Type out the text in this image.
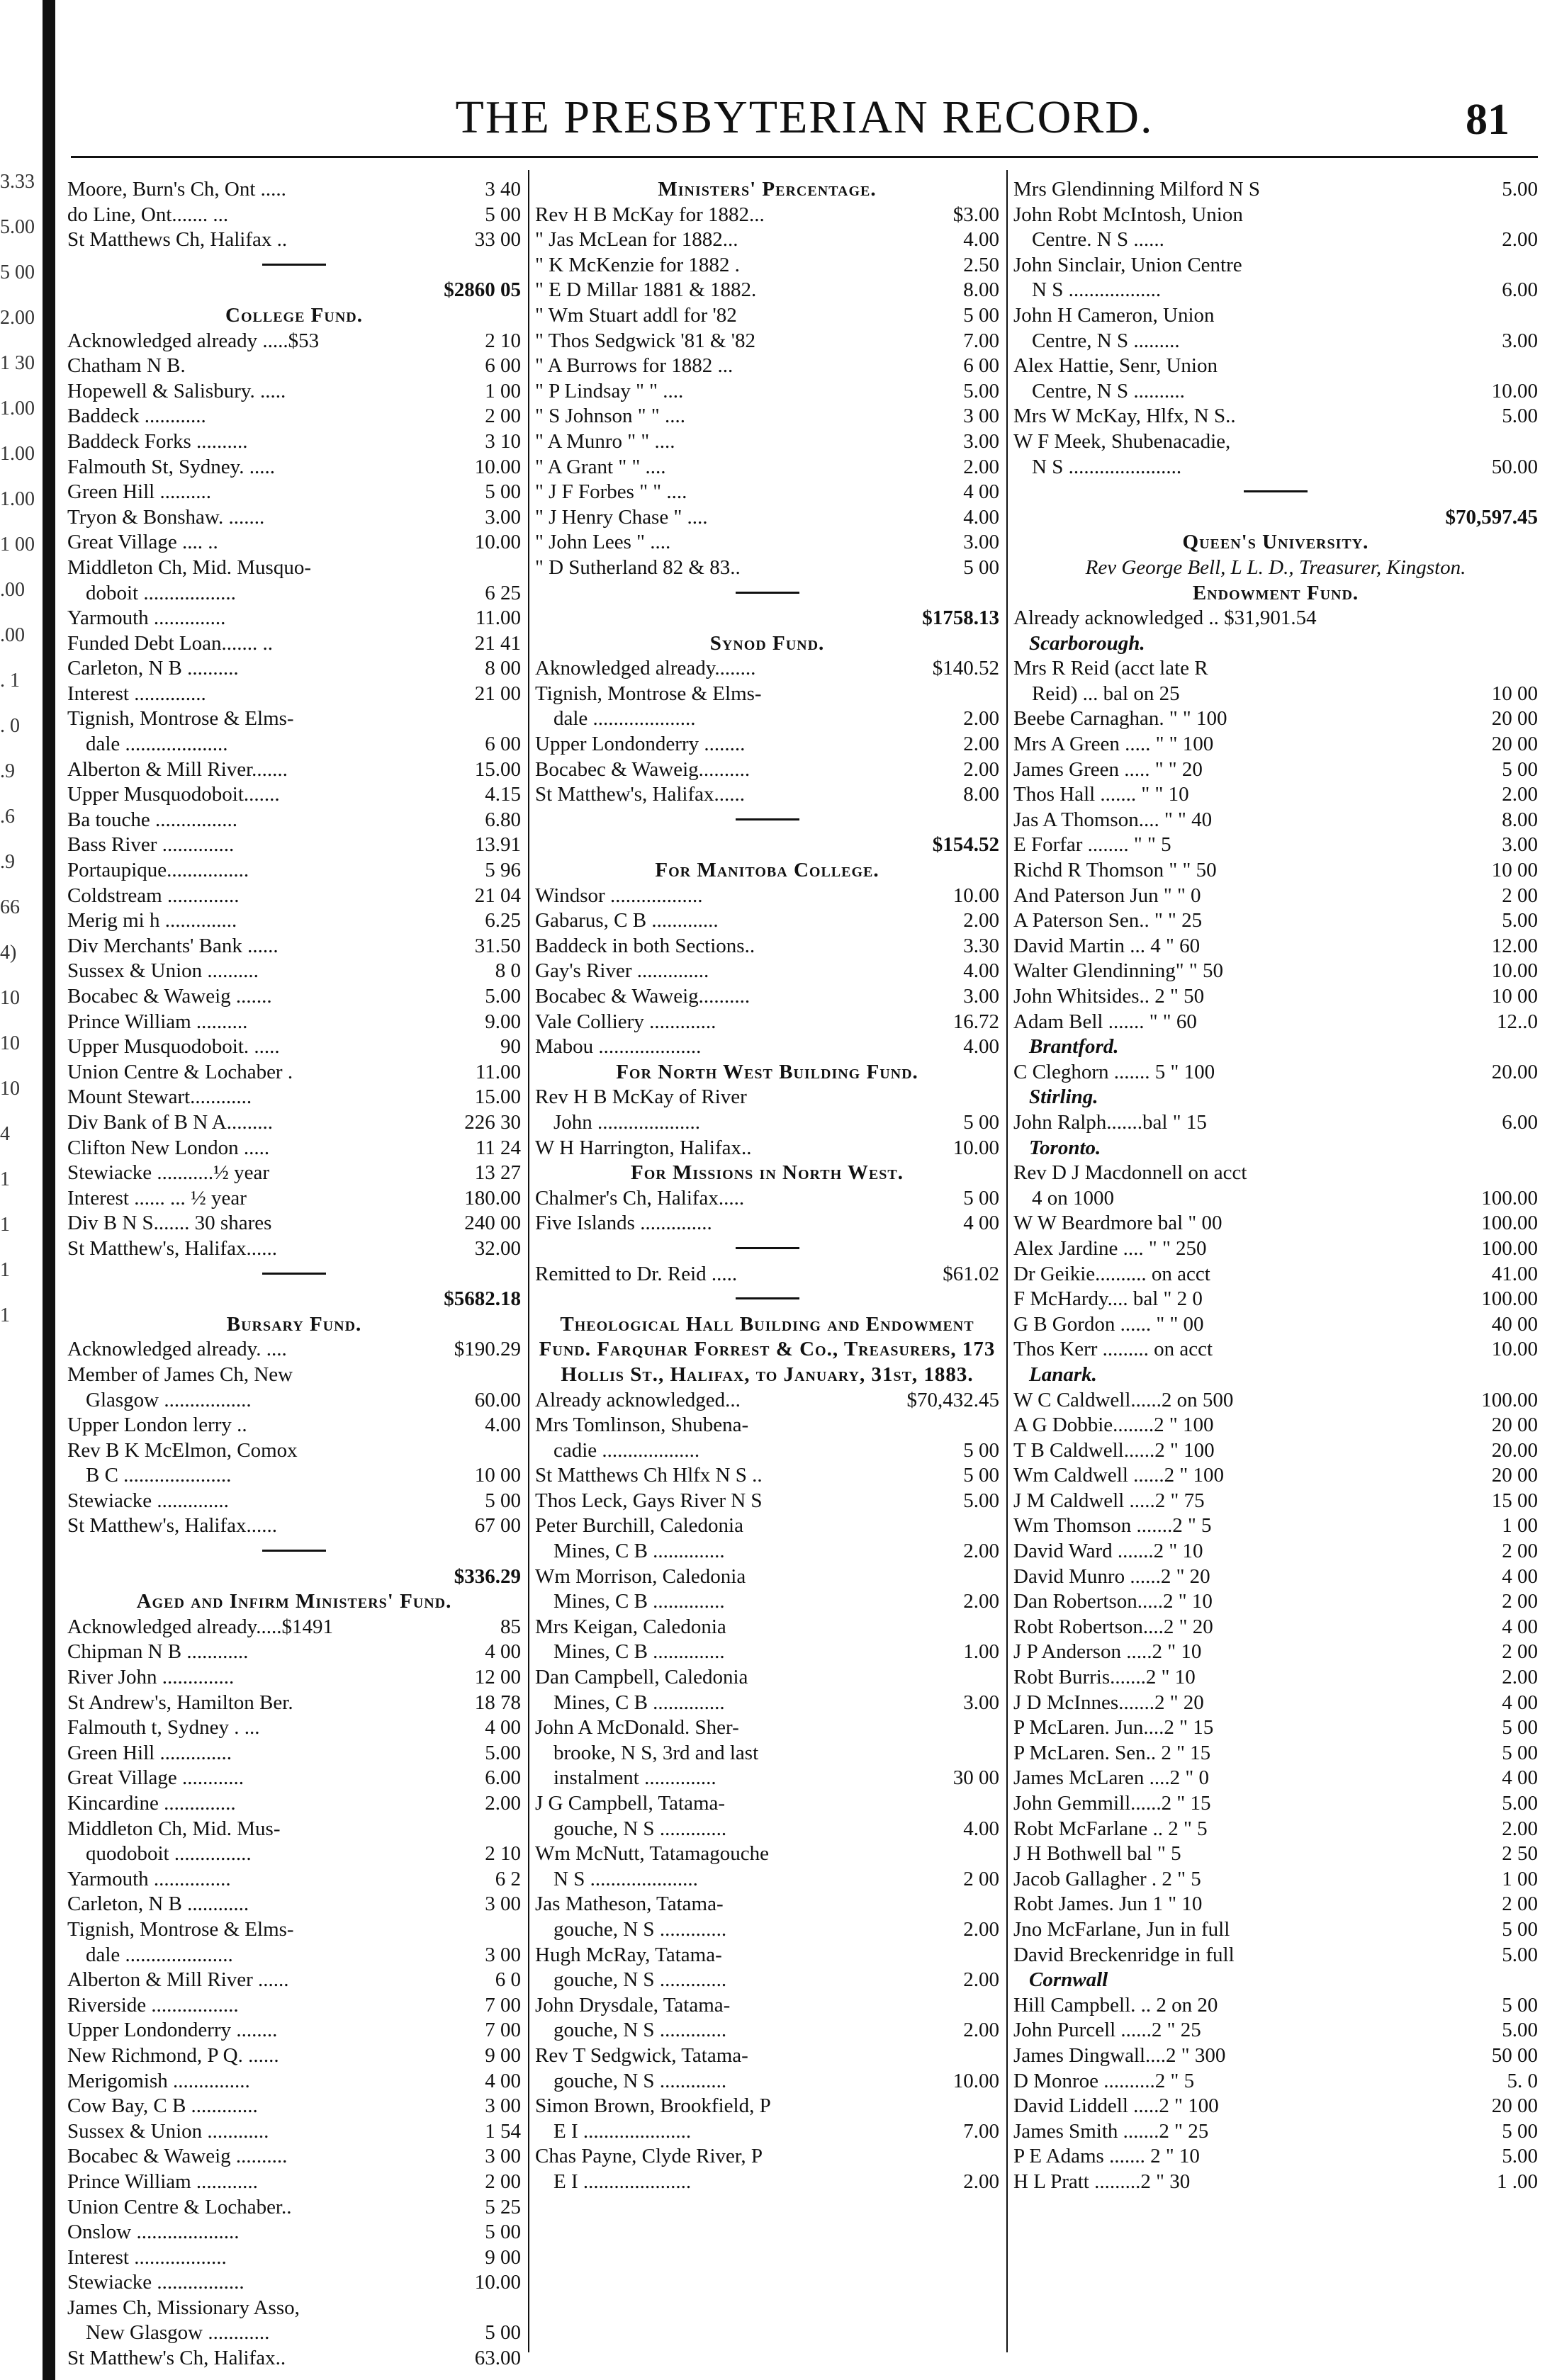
3.33
5.00
5 00
2.00
1 30
1.00
1.00
1.00
1 00
.00
.00
. 1
. 0
.9
.6
.9
66
4)
10
10
10
4
1
1
1
1
THE PRESBYTERIAN RECORD.	81
Moore, Burn's Ch, Ont .....	3 40
do Line, Ont....... ...	5 00
St Matthews Ch, Halifax ..	33 00
$2860 05
College Fund.
Acknowledged already .....$53	2 10
Chatham N B.	6 00
Hopewell & Salisbury. .....	1 00
Baddeck ............	2 00
Baddeck Forks ..........	3 10
Falmouth St, Sydney. .....	10.00
Green Hill ..........	5 00
Tryon & Bonshaw. .......	3.00
Great Village .... ..	10.00
Middleton Ch, Mid. Musquo-
doboit ..................	6 25
Yarmouth ..............	11.00
Funded Debt Loan....... ..	21 41
Carleton, N B ..........	8 00
Interest ..............	21 00
Tignish, Montrose & Elms-
dale ....................	6 00
Alberton & Mill River.......	15.00
Upper Musquodoboit.......	4.15
Ba touche ................	6.80
Bass River ..............	13.91
Portaupique................	5 96
Coldstream ..............	21 04
Merig mi h ..............	6.25
Div Merchants' Bank ......	31.50
Sussex & Union ..........	8 0
Bocabec & Waweig .......	5.00
Prince William ..........	9.00
Upper Musquodoboit. .....	90
Union Centre & Lochaber .	11.00
Mount Stewart............	15.00
Div Bank of B N A.........	226 30
Clifton New London .....	11 24
Stewiacke ...........½ year	13 27
Interest ...... ... ½ year	180.00
Div B N S....... 30 shares	240 00
St Matthew's, Halifax......	32.00
$5682.18
Bursary Fund.
Acknowledged already. ....	$190.29
Member of James Ch, New
Glasgow .................	60.00
Upper London lerry ..	4.00
Rev B K McElmon, Comox
B C .....................	10 00
Stewiacke ..............	5 00
St Matthew's, Halifax......	67 00
$336.29
Aged and Infirm Ministers' Fund.
Acknowledged already.....$1491	85
Chipman N B ............	4 00
River John ..............	12 00
St Andrew's, Hamilton Ber.	18 78
Falmouth t, Sydney . ...	4 00
Green Hill ..............	5.00
Great Village ............	6.00
Kincardine ..............	2.00
Middleton Ch, Mid. Mus-
quodoboit ...............	2 10
Yarmouth ...............	6 2
Carleton, N B ............	3 00
Tignish, Montrose & Elms-
dale .....................	3 00
Alberton & Mill River ......	6 0
Riverside .................	7 00
Upper Londonderry ........	7 00
New Richmond, P Q. ......	9 00
Merigomish ...............	4 00
Cow Bay, C B .............	3 00
Sussex & Union ............	1 54
Bocabec & Waweig ..........	3 00
Prince William ............	2 00
Union Centre & Lochaber..	5 25
Onslow ....................	5 00
Interest ..................	9 00
Stewiacke .................	10.00
James Ch, Missionary Asso,
New Glasgow ............	5 00
St Matthew's Ch, Halifax..	63.00
Ministers' Percentage.
Rev H B McKay for 1882...	$3.00
" Jas McLean for 1882...	4.00
" K McKenzie for 1882 .	2.50
" E D Millar 1881 & 1882.	8.00
" Wm Stuart addl for '82	5 00
" Thos Sedgwick '81 & '82	7.00
" A Burrows for 1882 ...	6 00
" P Lindsay " " ....	5.00
" S Johnson " " ....	3 00
" A Munro " " ....	3.00
" A Grant " " ....	2.00
" J F Forbes " " ....	4 00
" J Henry Chase " ....	4.00
" John Lees " ....	3.00
" D Sutherland 82 & 83..	5 00
$1758.13
Synod Fund.
Aknowledged already........	$140.52
Tignish, Montrose & Elms-
dale ....................	2.00
Upper Londonderry ........	2.00
Bocabec & Waweig..........	2.00
St Matthew's, Halifax......	8.00
$154.52
For Manitoba College.
Windsor ..................	10.00
Gabarus, C B .............	2.00
Baddeck in both Sections..	3.30
Gay's River ..............	4.00
Bocabec & Waweig..........	3.00
Vale Colliery .............	16.72
Mabou ....................	4.00
For North West Building Fund.
Rev H B McKay of River
John ....................	5 00
W H Harrington, Halifax..	10.00
For Missions in North West.
Chalmer's Ch, Halifax.....	5 00
Five Islands ..............	4 00
Remitted to Dr. Reid .....	$61.02
Theological Hall Building and Endowment Fund. Farquhar Forrest & Co., Treasurers, 173 Hollis St., Halifax, to January, 31st, 1883.
Already acknowledged...	$70,432.45
Mrs Tomlinson, Shubena-
cadie ...................	5 00
St Matthews Ch Hlfx N S ..	5 00
Thos Leck, Gays River N S	5.00
Peter Burchill, Caledonia
Mines, C B ..............	2.00
Wm Morrison, Caledonia
Mines, C B ..............	2.00
Mrs Keigan, Caledonia
Mines, C B ..............	1.00
Dan Campbell, Caledonia
Mines, C B ..............	3.00
John A McDonald. Sher-
brooke, N S, 3rd and last
instalment ..............	30 00
J G Campbell, Tatama-
gouche, N S .............	4.00
Wm McNutt, Tatamagouche
N S .....................	2 00
Jas Matheson, Tatama-
gouche, N S .............	2.00
Hugh McRay, Tatama-
gouche, N S .............	2.00
John Drysdale, Tatama-
gouche, N S .............	2.00
Rev T Sedgwick, Tatama-
gouche, N S .............	10.00
Simon Brown, Brookfield, P
E I .....................	7.00
Chas Payne, Clyde River, P
E I .....................	2.00
Mrs Glendinning Milford N S	5.00
John Robt McIntosh, Union
Centre. N S ......	2.00
John Sinclair, Union Centre
N S ..................	6.00
John H Cameron, Union
Centre, N S .........	3.00
Alex Hattie, Senr, Union
Centre, N S ..........	10.00
Mrs W McKay, Hlfx, N S..	5.00
W F Meek, Shubenacadie,
N S ......................	50.00
$70,597.45
Queen's University.
Rev George Bell, L L. D., Treasurer, Kingston.
Endowment Fund.
Already acknowledged .. $31,901.54
Scarborough.
Mrs R Reid (acct late R
Reid) ... bal on 25	10 00
Beebe Carnaghan. " " 100	20 00
Mrs A Green ..... " " 100	20 00
James Green ..... " " 20	5 00
Thos Hall ....... " " 10	2.00
Jas A Thomson.... " " 40	8.00
E Forfar ........ " " 5	3.00
Richd R Thomson " " 50	10 00
And Paterson Jun " " 0	2 00
A Paterson Sen.. " " 25	5.00
David Martin ... 4 " 60	12.00
Walter Glendinning" " 50	10.00
John Whitsides.. 2 " 50	10 00
Adam Bell ....... " " 60	12..0
Brantford.
C Cleghorn ....... 5 " 100	20.00
Stirling.
John Ralph.......bal " 15	6.00
Toronto.
Rev D J Macdonnell on acct
4 on 1000	100.00
W W Beardmore bal " 00	100.00
Alex Jardine .... " " 250	100.00
Dr Geikie.......... on acct	41.00
F McHardy.... bal " 2 0	100.00
G B Gordon ...... " " 00	40 00
Thos Kerr ......... on acct	10.00
Lanark.
W C Caldwell......2 on 500	100.00
A G Dobbie........2 " 100	20 00
T B Caldwell......2 " 100	20.00
Wm Caldwell ......2 " 100	20 00
J M Caldwell .....2 " 75	15 00
Wm Thomson .......2 " 5	1 00
David Ward .......2 " 10	2 00
David Munro ......2 " 20	4 00
Dan Robertson.....2 " 10	2 00
Robt Robertson....2 " 20	4 00
J P Anderson .....2 " 10	2 00
Robt Burris.......2 " 10	2.00
J D McInnes.......2 " 20	4 00
P McLaren. Jun....2 " 15	5 00
P McLaren. Sen.. 2 " 15	5 00
James McLaren ....2 " 0	4 00
John Gemmill......2 " 15	5.00
Robt McFarlane .. 2 " 5	2.00
J H Bothwell bal " 5	2 50
Jacob Gallagher . 2 " 5	1 00
Robt James. Jun 1 " 10	2 00
Jno McFarlane, Jun in full	5 00
David Breckenridge in full	5.00
Cornwall
Hill Campbell. .. 2 on 20	5 00
John Purcell ......2 " 25	5.00
James Dingwall....2 " 300	50 00
D Monroe ..........2 " 5	5. 0
David Liddell .....2 " 100	20 00
James Smith .......2 " 25	5 00
P E Adams ....... 2 " 10	5.00
H L Pratt .........2 " 30	1 .00
